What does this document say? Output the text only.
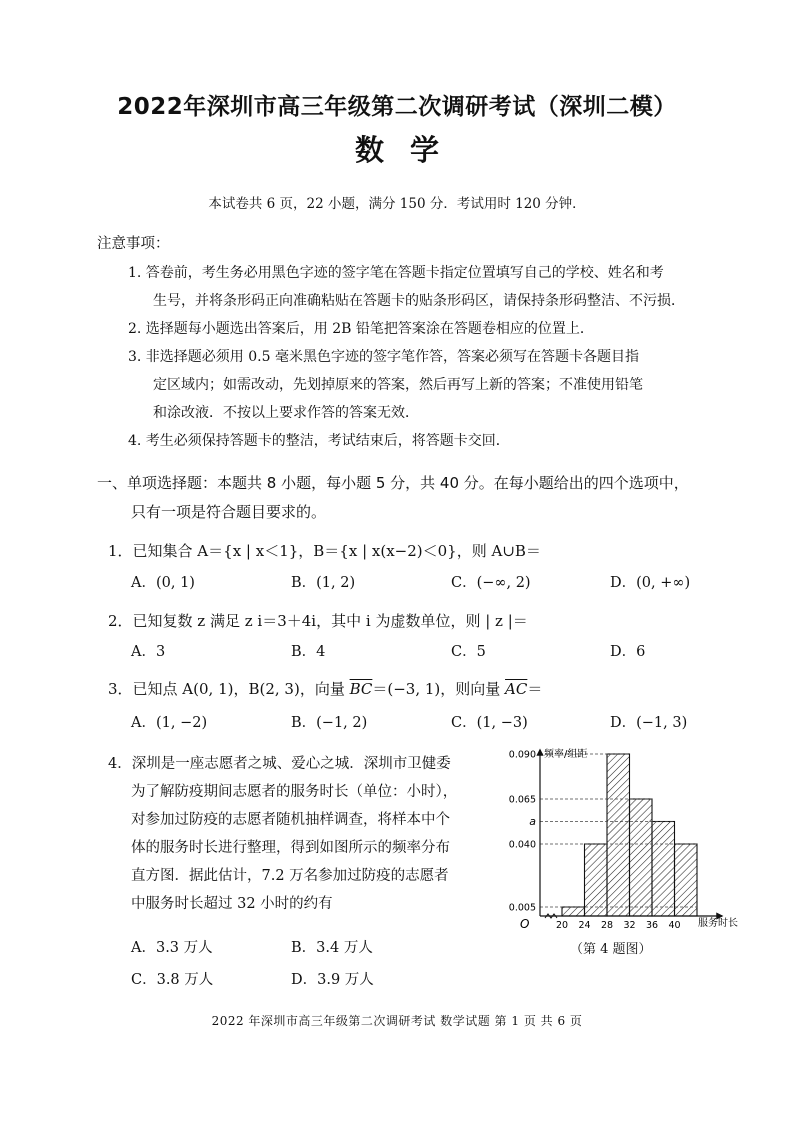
2022年深圳市高三年级第二次调研考试（深圳二模）
数学
本试卷共 6 页，22 小题，满分 150 分．考试用时 120 分钟．
注意事项：
1. 答卷前，考生务必用黑色字迹的签字笔在答题卡指定位置填写自己的学校、姓名和考
生号，并将条形码正向准确粘贴在答题卡的贴条形码区，请保持条形码整洁、不污损．
2. 选择题每小题选出答案后，用 2B 铅笔把答案涂在答题卷相应的位置上．
3. 非选择题必须用 0.5 毫米黑色字迹的签字笔作答，答案必须写在答题卡各题目指
定区域内；如需改动，先划掉原来的答案，然后再写上新的答案；不准使用铅笔
和涂改液．不按以上要求作答的答案无效．
4. 考生必须保持答题卡的整洁，考试结束后，将答题卡交回．
一、单项选择题：本题共 8 小题，每小题 5 分，共 40 分。在每小题给出的四个选项中，
只有一项是符合题目要求的。
1．已知集合 A＝{x | x＜1}，B＝{x | x(x−2)＜0}，则 A∪B＝
A．(0, 1)	B．(1, 2)	C．(−∞, 2)	D．(0, +∞)
2．已知复数 z 满足 z i＝3＋4i，其中 i 为虚数单位，则 | z |＝
A．3	B．4	C．5	D．6
3．已知点 A(0, 1)，B(2, 3)，向量 $\overline{BC}=(-3$, 1)，则向量 $\overline{AC}=$
A．(1, −2)	B．(−1, 2)	C．(1, −3)	D．(−1, 3)
4．深圳是一座志愿者之城、爱心之城．深圳市卫健委
为了解防疫期间志愿者的服务时长（单位：小时），
对参加过防疫的志愿者随机抽样调查，将样本中个
体的服务时长进行整理，得到如图所示的频率分布
直方图．据此估计，7.2 万名参加过防疫的志愿者
中服务时长超过 32 小时的约有
A．3.3 万人	B．3.4 万人
C．3.8 万人	D．3.9 万人
频率/组距
服务时长
O
0.005
0.040
a
0.065
0.090
20 24 28 32 36 40
（第 4 题图）
2022 年深圳市高三年级第二次调研考试 数学试题 第 1 页 共 6 页
